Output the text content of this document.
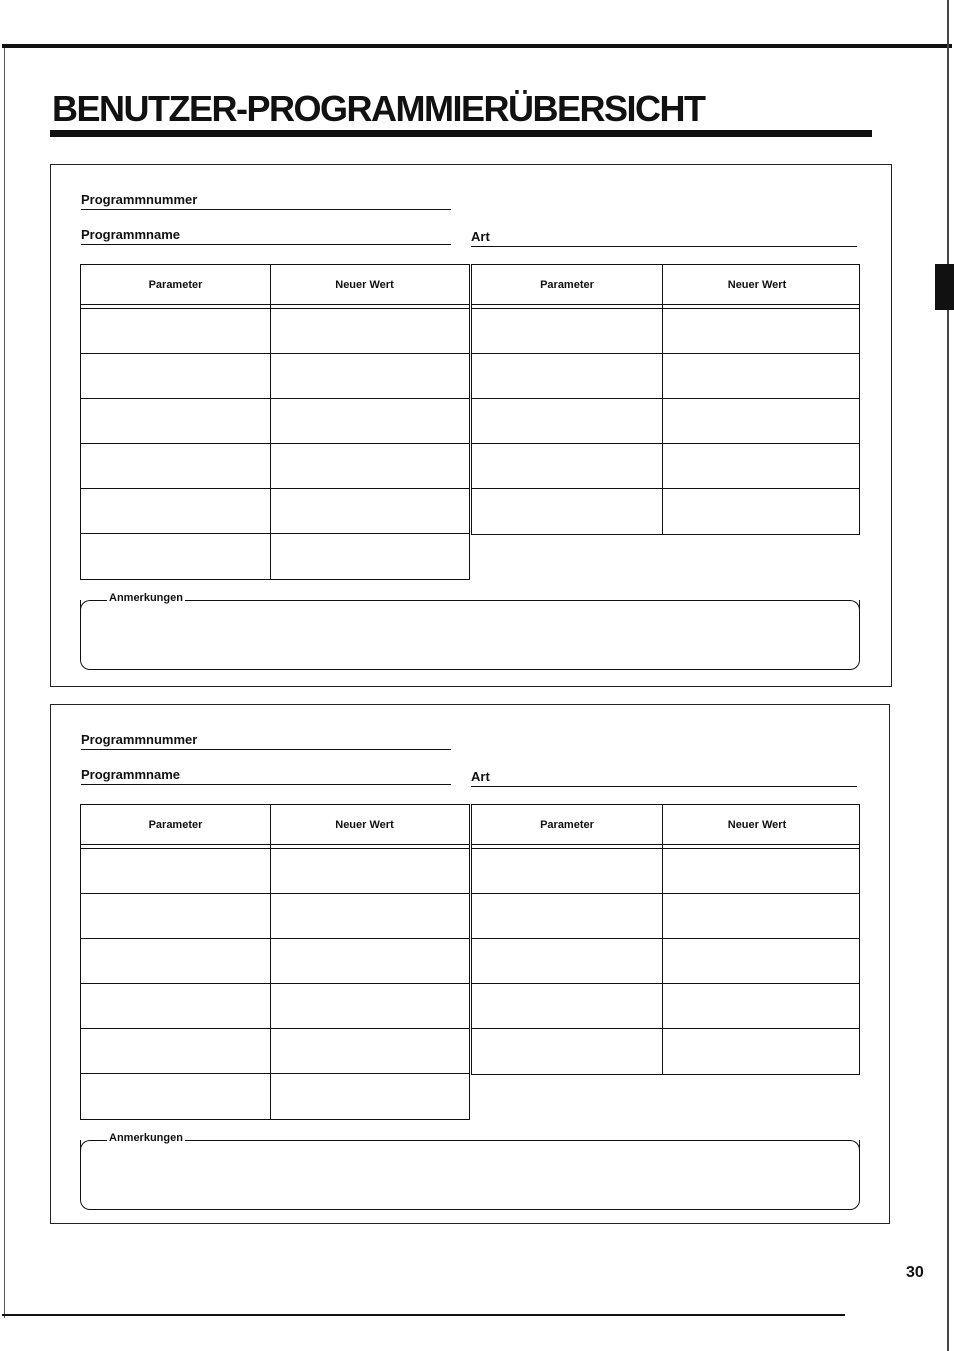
BENUTZER-PROGRAMMIERÜBERSICHT
Programmnummer
Programmname	Art
Parameter	Neuer Wert	Parameter	Neuer Wert
Anmerkungen
Programmnummer
Programmname	Art
Parameter	Neuer Wert	Parameter	Neuer Wert
Anmerkungen
30
